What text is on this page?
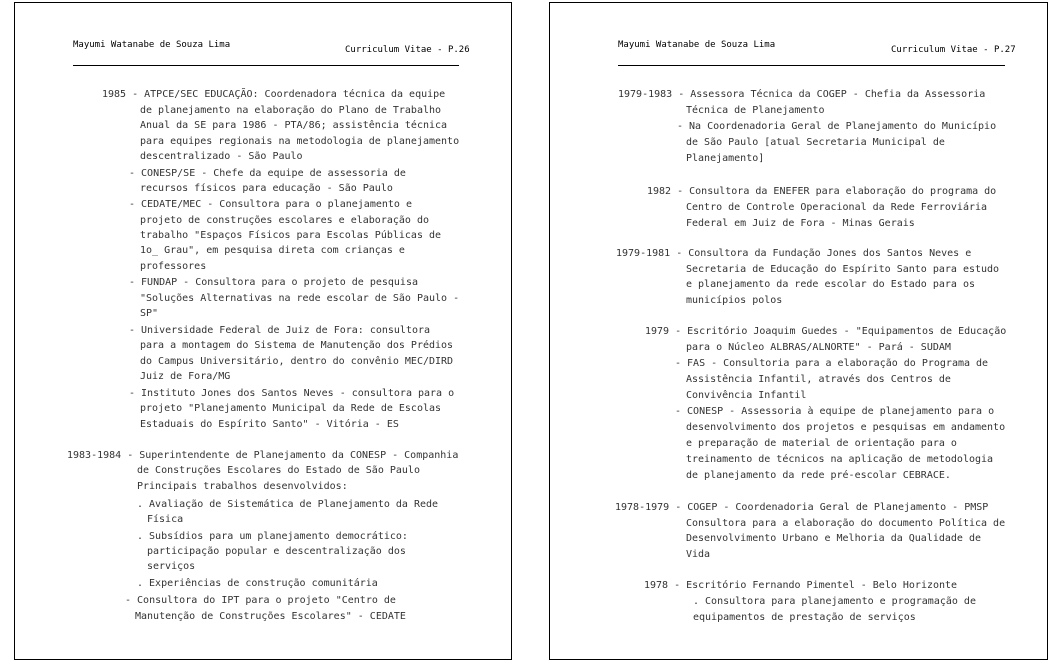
Mayumi Watanabe de Souza Lima	Curriculum Vitae - P.26
1985 - ATPCE/SEC EDUCAÇÃO: Coordenadora técnica da equipe
de planejamento na elaboração do Plano de Trabalho
Anual da SE para 1986 - PTA/86; assistência técnica
para equipes regionais na metodologia de planejamento
descentralizado - São Paulo
- CONESP/SE - Chefe da equipe de assessoria de
recursos físicos para educação - São Paulo
- CEDATE/MEC - Consultora para o planejamento e
projeto de construções escolares e elaboração do
trabalho "Espaços Físicos para Escolas Públicas de
1o_ Grau", em pesquisa direta com crianças e
professores
- FUNDAP - Consultora para o projeto de pesquisa
"Soluções Alternativas na rede escolar de São Paulo -
SP"
- Universidade Federal de Juiz de Fora: consultora
para a montagem do Sistema de Manutenção dos Prédios
do Campus Universitário, dentro do convênio MEC/DIRD
Juiz de Fora/MG
- Instituto Jones dos Santos Neves - consultora para o
projeto "Planejamento Municipal da Rede de Escolas
Estaduais do Espírito Santo" - Vitória - ES
1983-1984 - Superintendente de Planejamento da CONESP - Companhia
de Construções Escolares do Estado de São Paulo
Principais trabalhos desenvolvidos:
. Avaliação de Sistemática de Planejamento da Rede
Física
. Subsídios para um planejamento democrático:
participação popular e descentralização dos
serviços
. Experiências de construção comunitária
- Consultora do IPT para o projeto "Centro de
Manutenção de Construções Escolares" - CEDATE
Mayumi Watanabe de Souza Lima	Curriculum Vitae - P.27
1979-1983 - Assessora Técnica da COGEP - Chefia da Assessoria
Técnica de Planejamento
- Na Coordenadoria Geral de Planejamento do Município
de São Paulo [atual Secretaria Municipal de
Planejamento]
1982 - Consultora da ENEFER para elaboração do programa do
Centro de Controle Operacional da Rede Ferroviária
Federal em Juiz de Fora - Minas Gerais
1979-1981 - Consultora da Fundação Jones dos Santos Neves e
Secretaria de Educação do Espírito Santo para estudo
e planejamento da rede escolar do Estado para os
municípios polos
1979 - Escritório Joaquim Guedes - "Equipamentos de Educação
para o Núcleo ALBRAS/ALNORTE" - Pará - SUDAM
- FAS - Consultoria para a elaboração do Programa de
Assistência Infantil, através dos Centros de
Convivência Infantil
- CONESP - Assessoria à equipe de planejamento para o
desenvolvimento dos projetos e pesquisas em andamento
e preparação de material de orientação para o
treinamento de técnicos na aplicação de metodologia
de planejamento da rede pré-escolar CEBRACE.
1978-1979 - COGEP - Coordenadoria Geral de Planejamento - PMSP
Consultora para a elaboração do documento Política de
Desenvolvimento Urbano e Melhoria da Qualidade de
Vida
1978 - Escritório Fernando Pimentel - Belo Horizonte
. Consultora para planejamento e programação de
equipamentos de prestação de serviços
